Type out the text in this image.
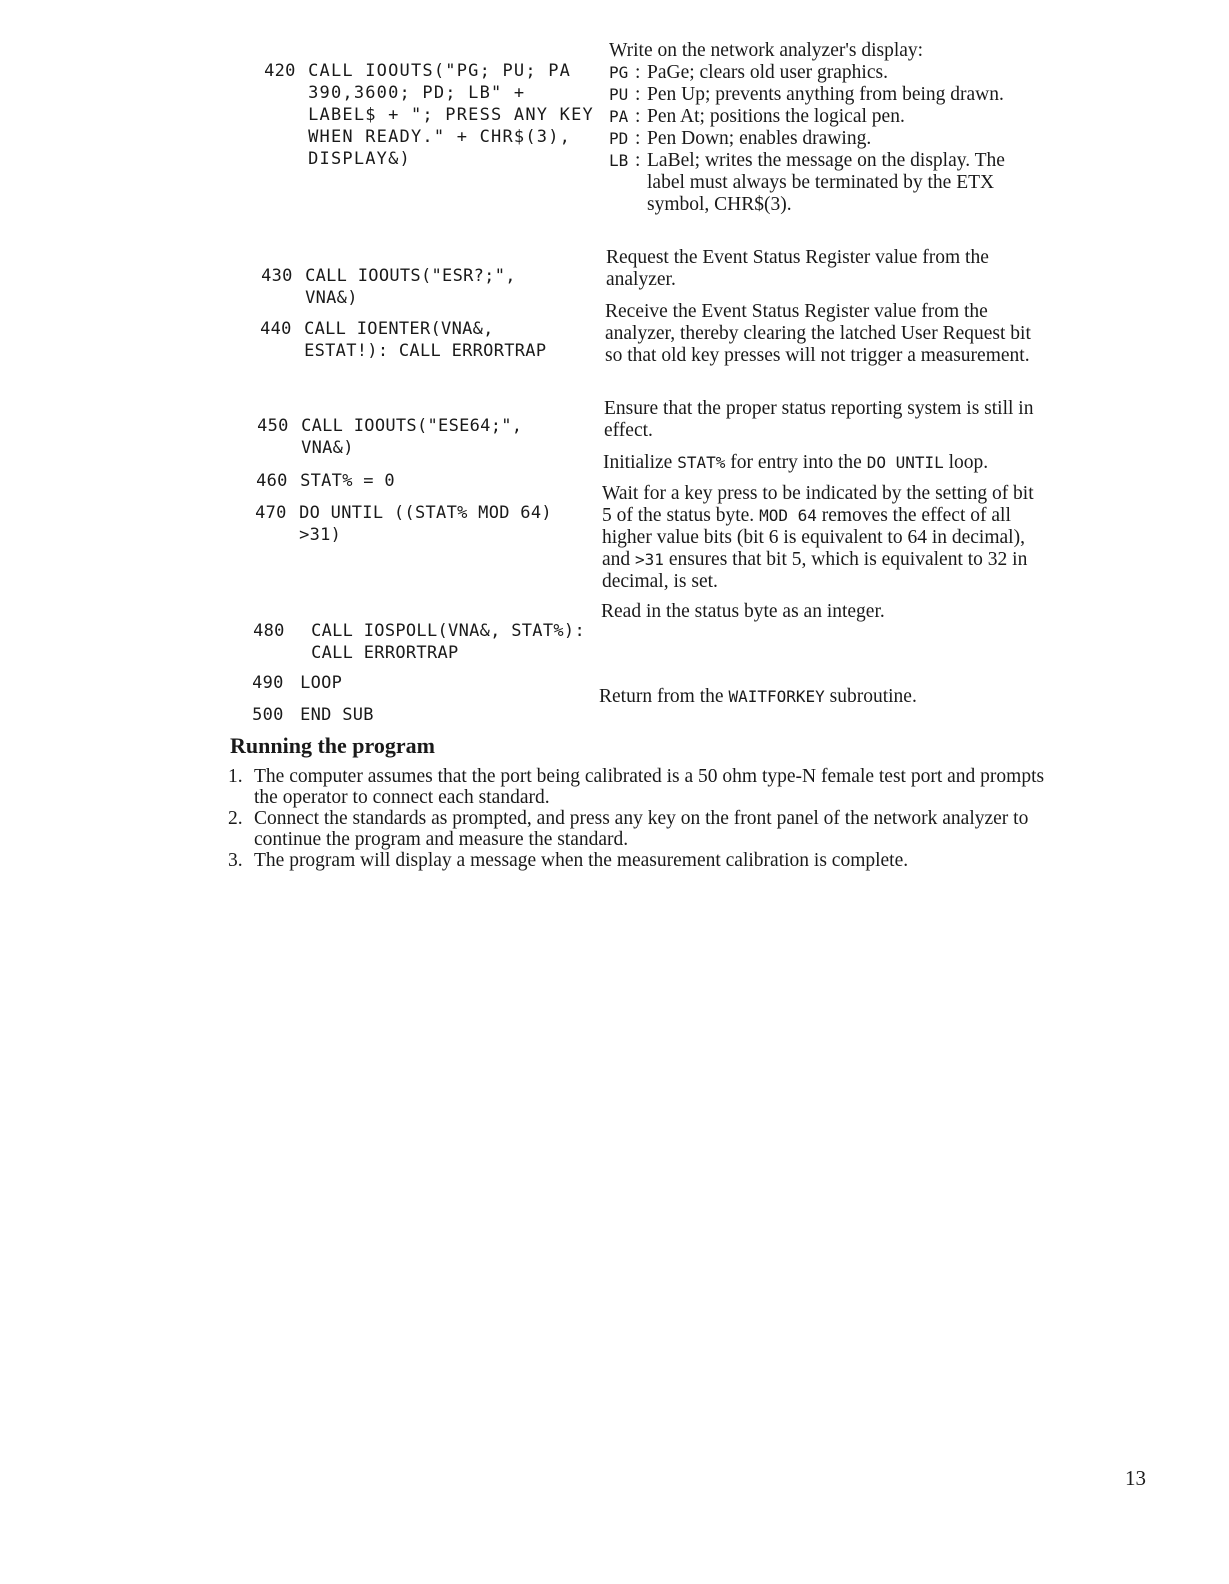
420 CALL IOOUTS("PG; PU; PA
390,3600; PD; LB" +
LABEL$ + "; PRESS ANY KEY
WHEN READY." + CHR$(3),
DISPLAY&)

Write on the network analyzer's display:
PG : PaGe; clears old user graphics.
PU : Pen Up; prevents anything from being drawn.
PA : Pen At; positions the logical pen.
PD : Pen Down; enables drawing.
LB : LaBel; writes the message on the display. The label must always be terminated by the ETX symbol, CHR$(3).

430 CALL IOOUTS("ESR?;",
VNA&)

Request the Event Status Register value from the analyzer.

440 CALL IOENTER(VNA&,
ESTAT!): CALL ERRORTRAP

Receive the Event Status Register value from the analyzer, thereby clearing the latched User Request bit so that old key presses will not trigger a measurement.

450 CALL IOOUTS("ESE64;",
VNA&)

Ensure that the proper status reporting system is still in effect.

460 STAT% = 0

Initialize STAT% for entry into the DO UNTIL loop.

470 DO UNTIL ((STAT% MOD 64)
>31)

Wait for a key press to be indicated by the setting of bit 5 of the status byte. MOD 64 removes the effect of all higher value bits (bit 6 is equivalent to 64 in decimal), and >31 ensures that bit 5, which is equivalent to 32 in decimal, is set.

480 CALL IOSPOLL(VNA&, STAT%):
CALL ERRORTRAP

Read in the status byte as an integer.

490 LOOP

500 END SUB

Return from the WAITFORKEY subroutine.
Running the program
1. The computer assumes that the port being calibrated is a 50 ohm type-N female test port and prompts the operator to connect each standard.
2. Connect the standards as prompted, and press any key on the front panel of the network analyzer to continue the program and measure the standard.
3. The program will display a message when the measurement calibration is complete.
13
